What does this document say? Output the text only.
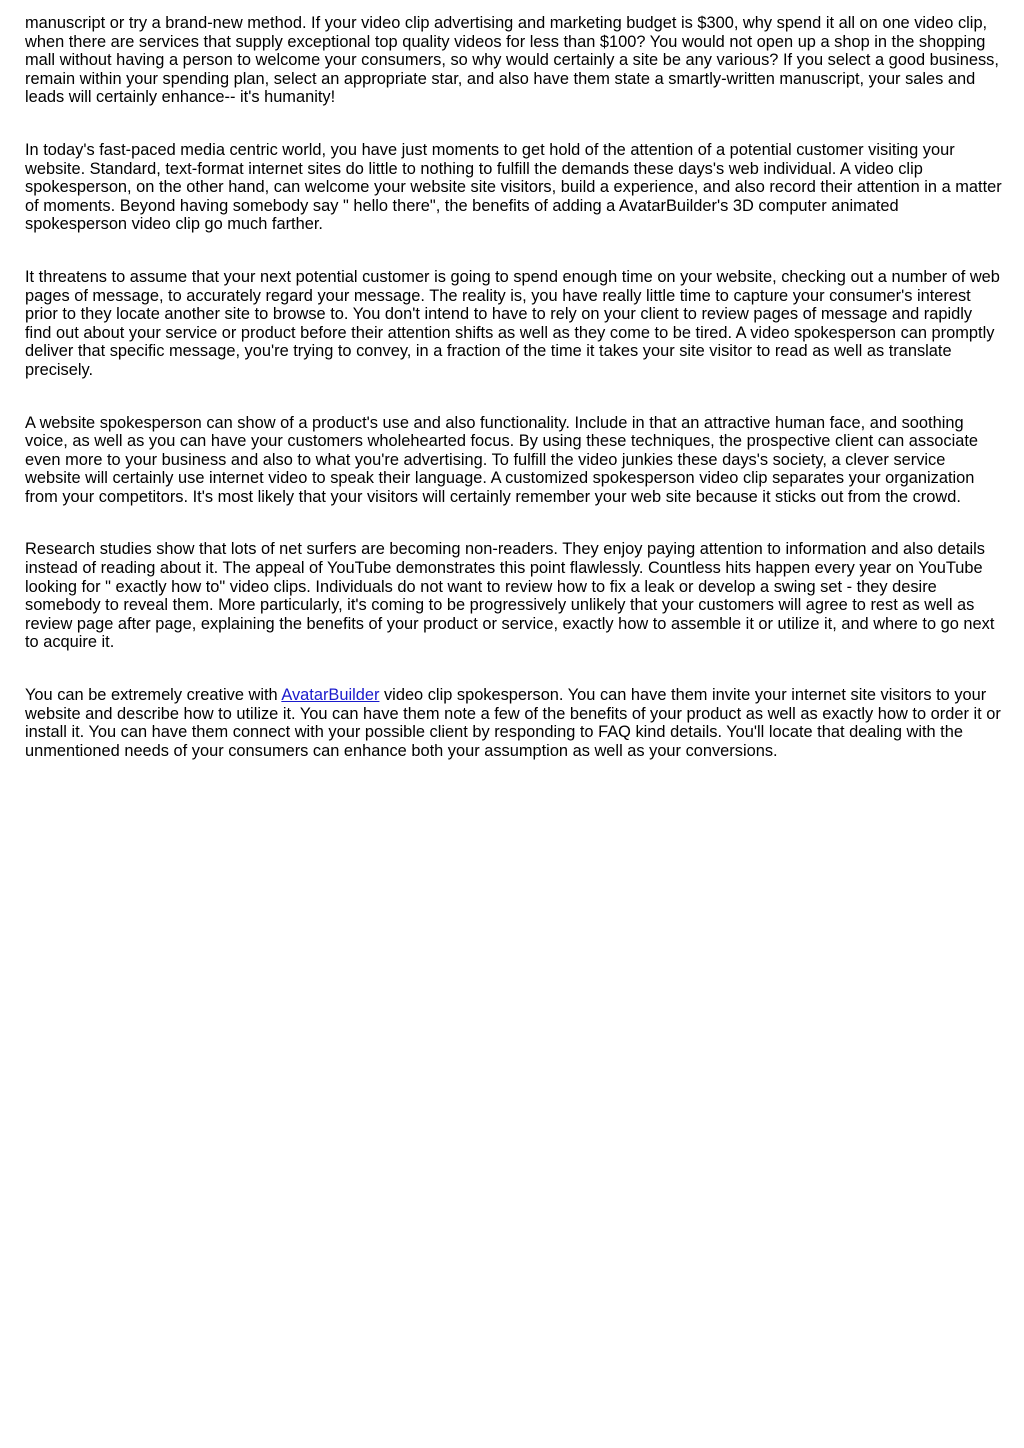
manuscript or try a brand-new method. If your video clip advertising and marketing budget is $300, why spend it all on one video clip, when there are services that supply exceptional top quality videos for less than $100? You would not open up a shop in the shopping mall without having a person to welcome your consumers, so why would certainly a site be any various? If you select a good business, remain within your spending plan, select an appropriate star, and also have them state a smartly-written manuscript, your sales and leads will certainly enhance-- it's humanity!

In today's fast-paced media centric world, you have just moments to get hold of the attention of a potential customer visiting your website. Standard, text-format internet sites do little to nothing to fulfill the demands these days's web individual. A video clip spokesperson, on the other hand, can welcome your website site visitors, build a experience, and also record their attention in a matter of moments. Beyond having somebody say " hello there", the benefits of adding a AvatarBuilder's 3D computer animated spokesperson video clip go much farther.

It threatens to assume that your next potential customer is going to spend enough time on your website, checking out a number of web pages of message, to accurately regard your message. The reality is, you have really little time to capture your consumer's interest prior to they locate another site to browse to. You don't intend to have to rely on your client to review pages of message and rapidly find out about your service or product before their attention shifts as well as they come to be tired. A video spokesperson can promptly deliver that specific message, you're trying to convey, in a fraction of the time it takes your site visitor to read as well as translate precisely.

A website spokesperson can show of a product's use and also functionality. Include in that an attractive human face, and soothing voice, as well as you can have your customers wholehearted focus. By using these techniques, the prospective client can associate even more to your business and also to what you're advertising. To fulfill the video junkies these days's society, a clever service website will certainly use internet video to speak their language. A customized spokesperson video clip separates your organization from your competitors. It's most likely that your visitors will certainly remember your web site because it sticks out from the crowd.

Research studies show that lots of net surfers are becoming non-readers. They enjoy paying attention to information and also details instead of reading about it. The appeal of YouTube demonstrates this point flawlessly. Countless hits happen every year on YouTube looking for " exactly how to" video clips. Individuals do not want to review how to fix a leak or develop a swing set - they desire somebody to reveal them. More particularly, it's coming to be progressively unlikely that your customers will agree to rest as well as review page after page, explaining the benefits of your product or service, exactly how to assemble it or utilize it, and where to go next to acquire it.

You can be extremely creative with AvatarBuilder video clip spokesperson. You can have them invite your internet site visitors to your website and describe how to utilize it. You can have them note a few of the benefits of your product as well as exactly how to order it or install it. You can have them connect with your possible client by responding to FAQ kind details. You'll locate that dealing with the unmentioned needs of your consumers can enhance both your assumption as well as your conversions.
